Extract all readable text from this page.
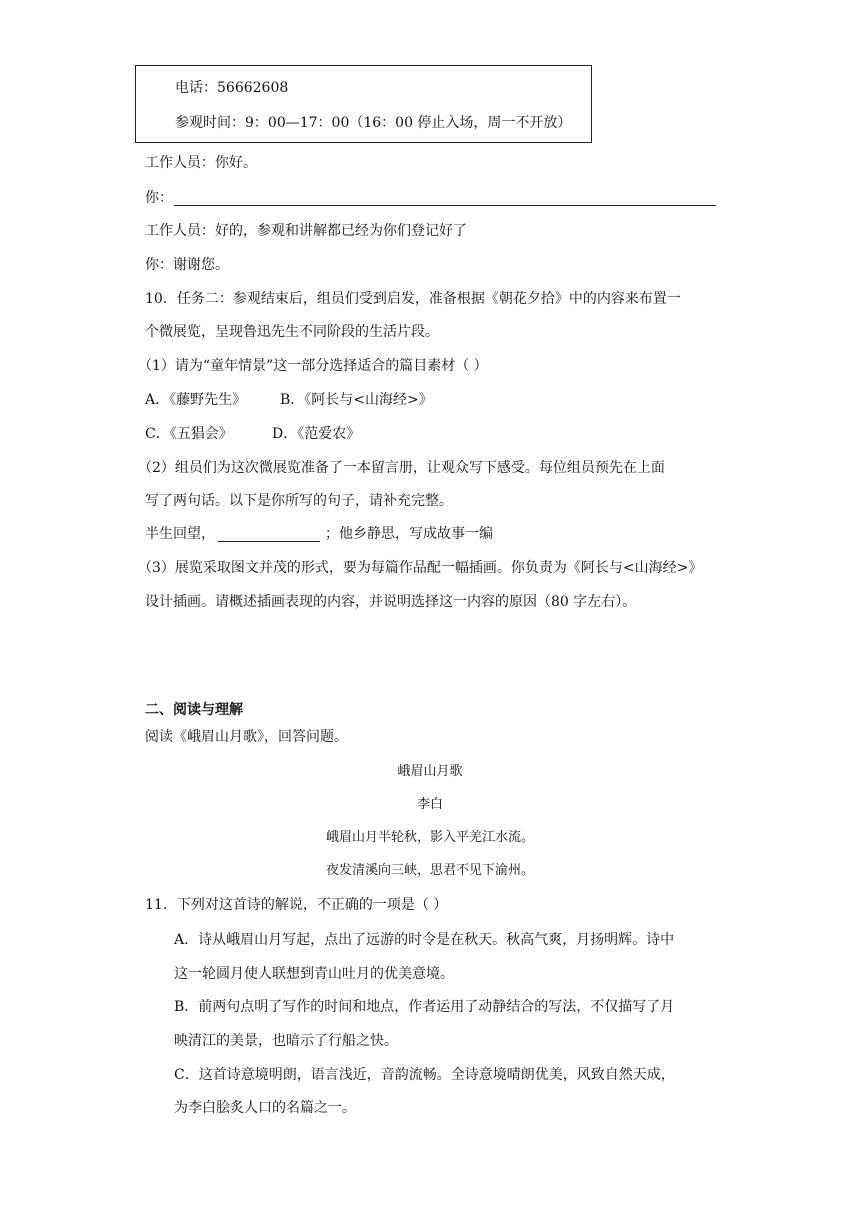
电话：56662608
参观时间：9：00—17：00（16：00 停止入场，周一不开放）
工作人员：你好。
你：
工作人员：好的，参观和讲解都已经为你们登记好了
你：谢谢您。
10．任务二：参观结束后，组员们受到启发，准备根据《朝花夕拾》中的内容来布置一
个微展览，呈现鲁迅先生不同阶段的生活片段。
（1）请为“童年情景”这一部分选择适合的篇目素材（ ）
A．《藤野先生》 B．《阿长与<山海经>》
C．《五猖会》	D．《范爱农》
（2）组员们为这次微展览准备了一本留言册，让观众写下感受。每位组员预先在上面
写了两句话。以下是你所写的句子，请补充完整。
半生回望，	；他乡静思，写成故事一编
（3）展览采取图文并茂的形式，要为每篇作品配一幅插画。你负责为《阿长与<山海经>》
设计插画。请概述插画表现的内容，并说明选择这一内容的原因（80 字左右）。
二、阅读与理解
阅读《峨眉山月歌》，回答问题。
峨眉山月歌
李白
峨眉山月半轮秋，影入平羌江水流。
夜发清溪向三峡，思君不见下渝州。
11．下列对这首诗的解说，不正确的一项是（ ）
A．诗从峨眉山月写起，点出了远游的时令是在秋天。秋高气爽，月扬明辉。诗中
这一轮圆月使人联想到青山吐月的优美意境。
B．前两句点明了写作的时间和地点，作者运用了动静结合的写法，不仅描写了月
映清江的美景，也暗示了行船之快。
C．这首诗意境明朗，语言浅近，音韵流畅。全诗意境晴朗优美，风致自然天成，
为李白脍炙人口的名篇之一。
